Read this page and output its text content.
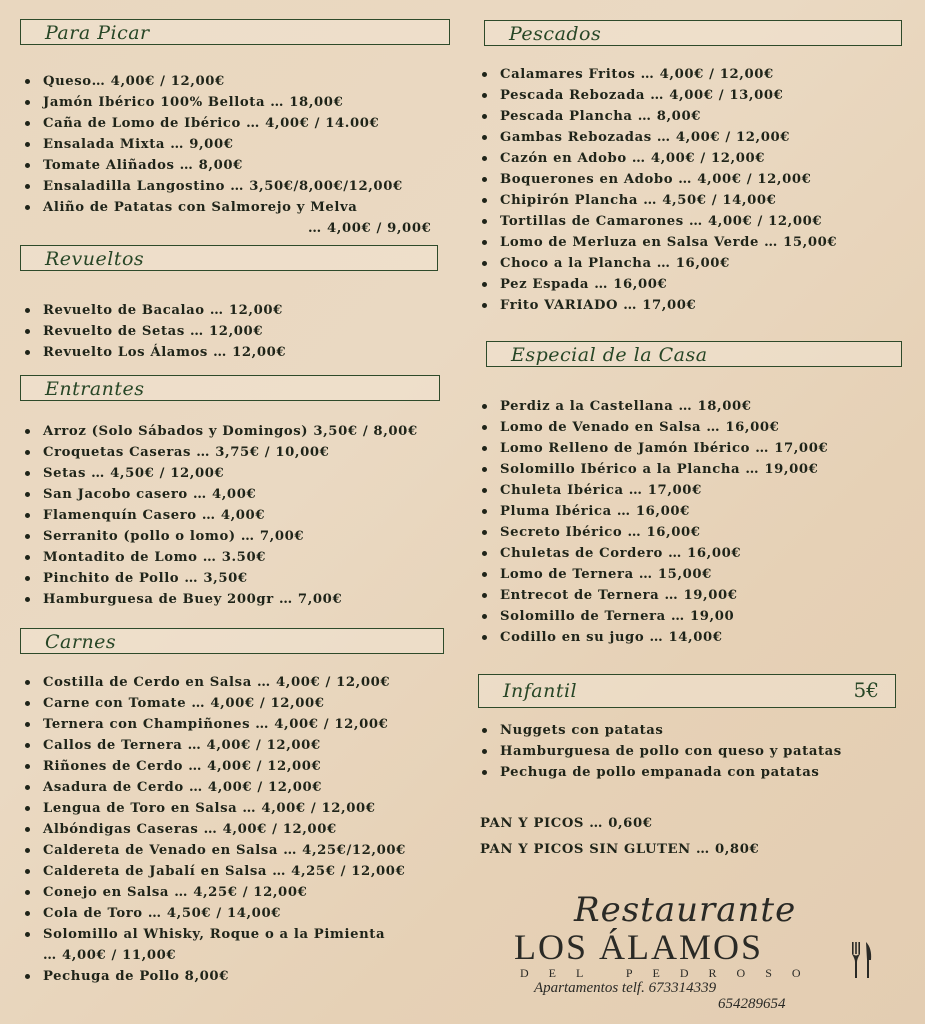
Para Picar
Queso… 4,00€ / 12,00€
Jamón Ibérico 100% Bellota … 18,00€
Caña de Lomo de Ibérico … 4,00€ / 14.00€
Ensalada Mixta … 9,00€
Tomate Aliñados … 8,00€
Ensaladilla Langostino … 3,50€/8,00€/12,00€
Aliño de Patatas con Salmorejo y Melva
… 4,00€ / 9,00€
Revueltos
Revuelto de Bacalao … 12,00€
Revuelto de Setas … 12,00€
Revuelto Los Álamos … 12,00€
Entrantes
Arroz (Solo Sábados y Domingos) 3,50€ / 8,00€
Croquetas Caseras … 3,75€ / 10,00€
Setas … 4,50€ / 12,00€
San Jacobo casero … 4,00€
Flamenquín Casero … 4,00€
Serranito (pollo o lomo) … 7,00€
Montadito de Lomo … 3.50€
Pinchito de Pollo … 3,50€
Hamburguesa de Buey 200gr … 7,00€
Carnes
Costilla de Cerdo en Salsa … 4,00€ / 12,00€
Carne con Tomate … 4,00€ / 12,00€
Ternera con Champiñones … 4,00€ / 12,00€
Callos de Ternera … 4,00€ / 12,00€
Riñones de Cerdo … 4,00€ / 12,00€
Asadura de Cerdo … 4,00€ / 12,00€
Lengua de Toro en Salsa … 4,00€ / 12,00€
Albóndigas Caseras … 4,00€ / 12,00€
Caldereta de Venado en Salsa … 4,25€/12,00€
Caldereta de Jabalí en Salsa … 4,25€ / 12,00€
Conejo en Salsa … 4,25€ / 12,00€
Cola de Toro … 4,50€ / 14,00€
Solomillo al Whisky, Roque o a la Pimienta
… 4,00€ / 11,00€
Pechuga de Pollo 8,00€
Pescados
Calamares Fritos … 4,00€ / 12,00€
Pescada Rebozada … 4,00€ / 13,00€
Pescada Plancha … 8,00€
Gambas Rebozadas … 4,00€ / 12,00€
Cazón en Adobo … 4,00€ / 12,00€
Boquerones en Adobo … 4,00€ / 12,00€
Chipirón Plancha … 4,50€ / 14,00€
Tortillas de Camarones … 4,00€ / 12,00€
Lomo de Merluza en Salsa Verde … 15,00€
Choco a la Plancha … 16,00€
Pez Espada … 16,00€
Frito VARIADO … 17,00€
Especial de la Casa
Perdiz a la Castellana … 18,00€
Lomo de Venado en Salsa … 16,00€
Lomo Relleno de Jamón Ibérico … 17,00€
Solomillo Ibérico a la Plancha … 19,00€
Chuleta Ibérica … 17,00€
Pluma Ibérica … 16,00€
Secreto Ibérico … 16,00€
Chuletas de Cordero … 16,00€
Lomo de Ternera … 15,00€
Entrecot de Ternera … 19,00€
Solomillo de Ternera … 19,00
Codillo en su jugo … 14,00€
Infantil	5€
Nuggets con patatas
Hamburguesa de pollo con queso y patatas
Pechuga de pollo empanada con patatas
PAN Y PICOS … 0,60€
PAN Y PICOS SIN GLUTEN … 0,80€
Restaurante
LOS ÁLAMOS
DEL PEDROSO
Apartamentos telf. 673314339
654289654
